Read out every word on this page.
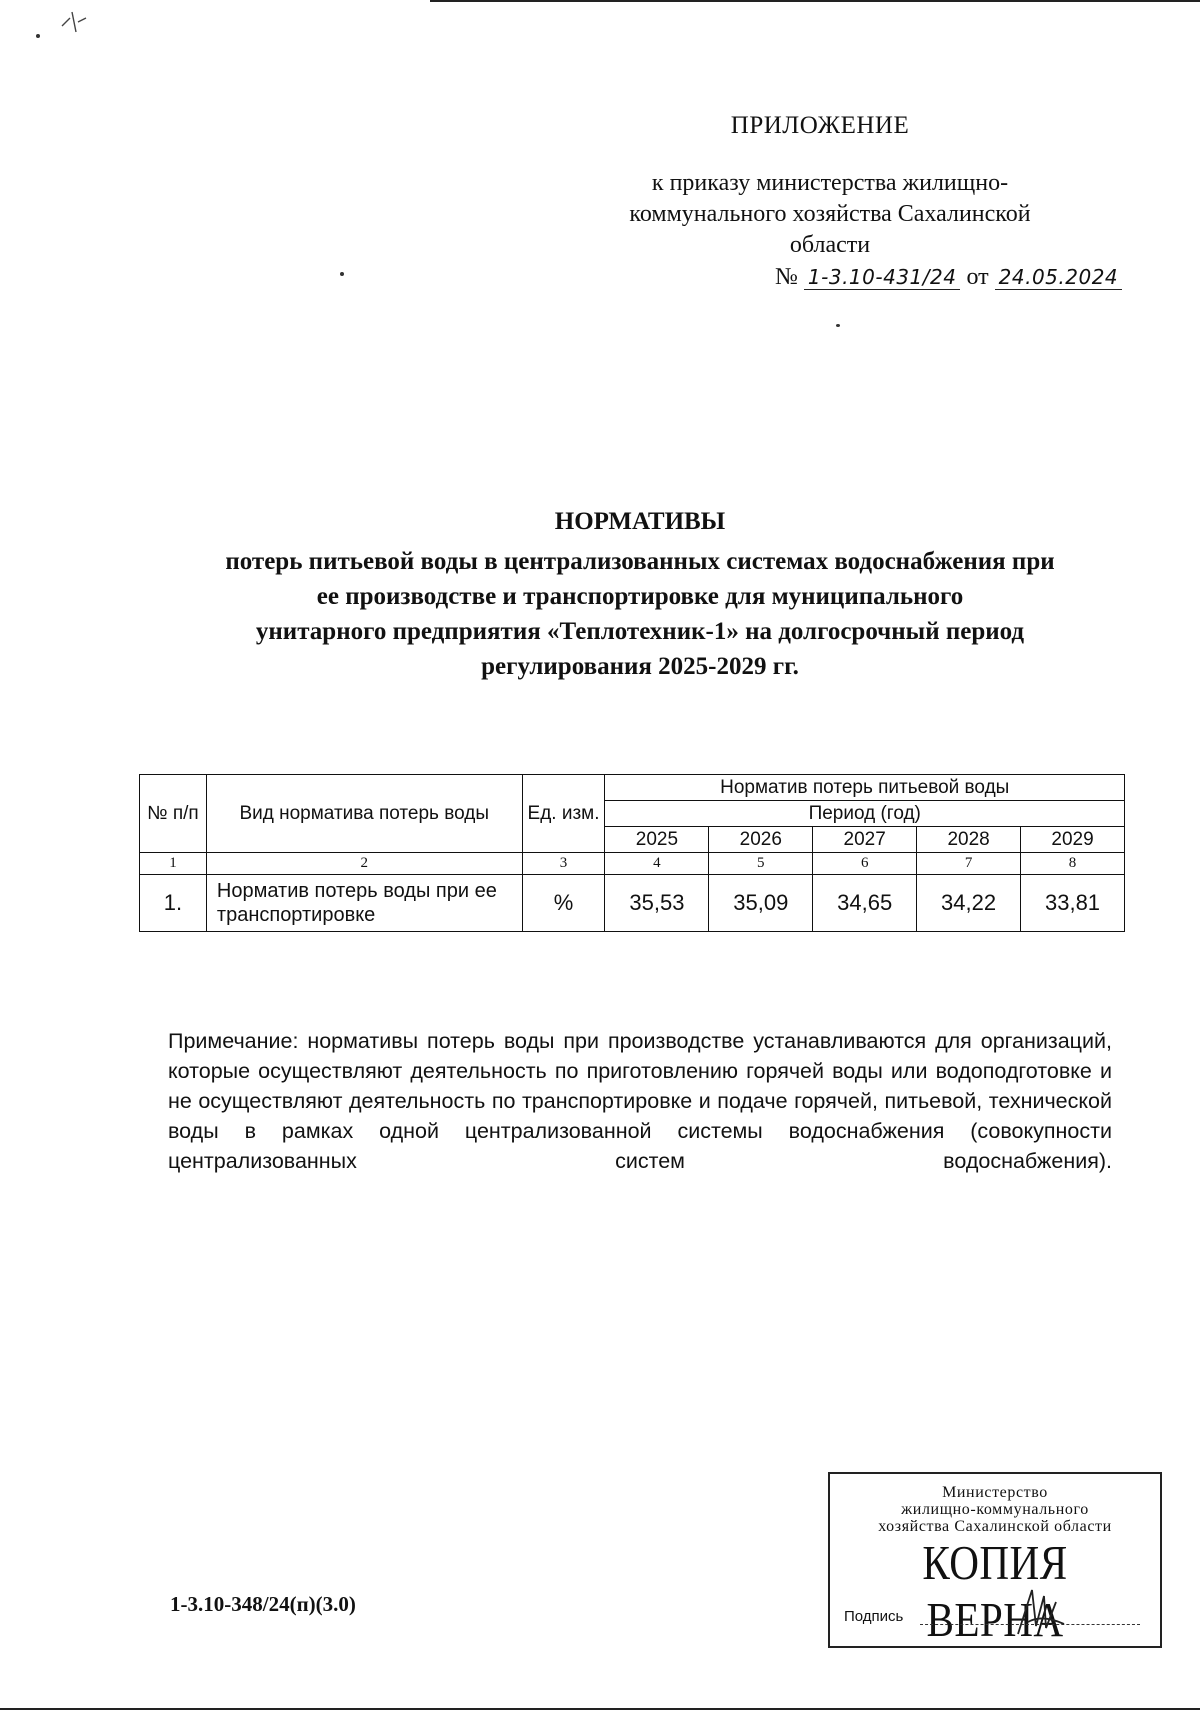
ПРИЛОЖЕНИЕ
к приказу министерства жилищно-
коммунального хозяйства Сахалинской
области
№ 1-3.10-431/24 от 24.05.2024
НОРМАТИВЫ
потерь питьевой воды в централизованных системах водоснабжения при
ее производстве и транспортировке для муниципального
унитарного предприятия «Теплотехник-1» на долгосрочный период
регулирования 2025-2029 гг.
№ п/п	Вид норматива потерь воды	Ед. изм.	Норматив потерь питьевой воды				
			Период (год)				
			2025	2026	2027	2028	2029
1	2	3	4	5	6	7	8
1.	Норматив потерь воды при ее транспортировке	%	35,53	35,09	34,65	34,22	33,81
Примечание: нормативы потерь воды при производстве устанавливаются для организаций, которые осуществляют деятельность по приготовлению горячей воды или водоподготовке и не осуществляют деятельность по транспортировке и подаче горячей, питьевой, технической воды в рамках одной централизованной системы водоснабжения (совокупности централизованных систем водоснабжения).
1-3.10-348/24(п)(3.0)
Министерство
жилищно-коммунального
хозяйства Сахалинской области
КОПИЯ ВЕРНА
Подпись
